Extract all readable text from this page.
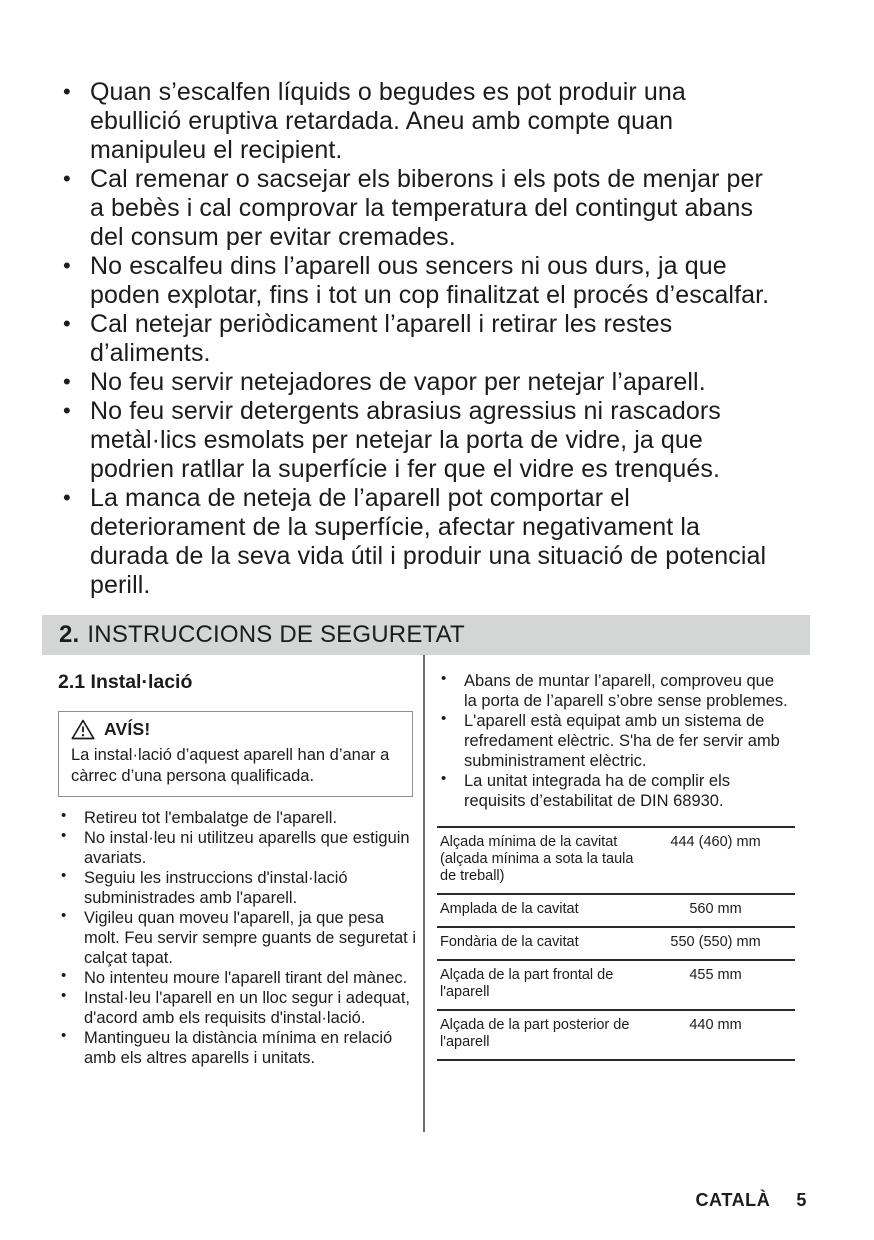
• Quan s’escalfen líquids o begudes es pot produir una ebullició eruptiva retardada. Aneu amb compte quan manipuleu el recipient.
• Cal remenar o sacsejar els biberons i els pots de menjar per a bebès i cal comprovar la temperatura del contingut abans del consum per evitar cremades.
• No escalfeu dins l’aparell ous sencers ni ous durs, ja que poden explotar, fins i tot un cop finalitzat el procés d’escalfar.
• Cal netejar periòdicament l’aparell i retirar les restes d’aliments.
• No feu servir netejadores de vapor per netejar l’aparell.
• No feu servir detergents abrasius agressius ni rascadors metàl·lics esmolats per netejar la porta de vidre, ja que podrien ratllar la superfície i fer que el vidre es trenqués.
• La manca de neteja de l’aparell pot comportar el deteriorament de la superfície, afectar negativament la durada de la seva vida útil i produir una situació de potencial perill.
2. INSTRUCCIONS DE SEGURETAT
2.1 Instal·lació
AVÍS!
La instal·lació d’aquest aparell han d’anar a càrrec d’una persona qualificada.
• Retireu tot l'embalatge de l'aparell.
• No instal·leu ni utilitzeu aparells que estiguin avariats.
• Seguiu les instruccions d'instal·lació subministrades amb l'aparell.
• Vigileu quan moveu l'aparell, ja que pesa molt. Feu servir sempre guants de seguretat i calçat tapat.
• No intenteu moure l'aparell tirant del mànec.
• Instal·leu l'aparell en un lloc segur i adequat, d'acord amb els requisits d'instal·lació.
• Mantingueu la distància mínima en relació amb els altres aparells i unitats.
• Abans de muntar l’aparell, comproveu que la porta de l’aparell s’obre sense problemes.
• L'aparell està equipat amb un sistema de refredament elèctric. S'ha de fer servir amb subministrament elèctric.
• La unitat integrada ha de complir els requisits d’estabilitat de DIN 68930.
Alçada mínima de la cavitat (alçada mínima a sota la taula de treball)	444 (460) mm
Amplada de la cavitat	560 mm
Fondària de la cavitat	550 (550) mm
Alçada de la part frontal de l'aparell	455 mm
Alçada de la part posterior de l'aparell	440 mm
CATALÀ 5
